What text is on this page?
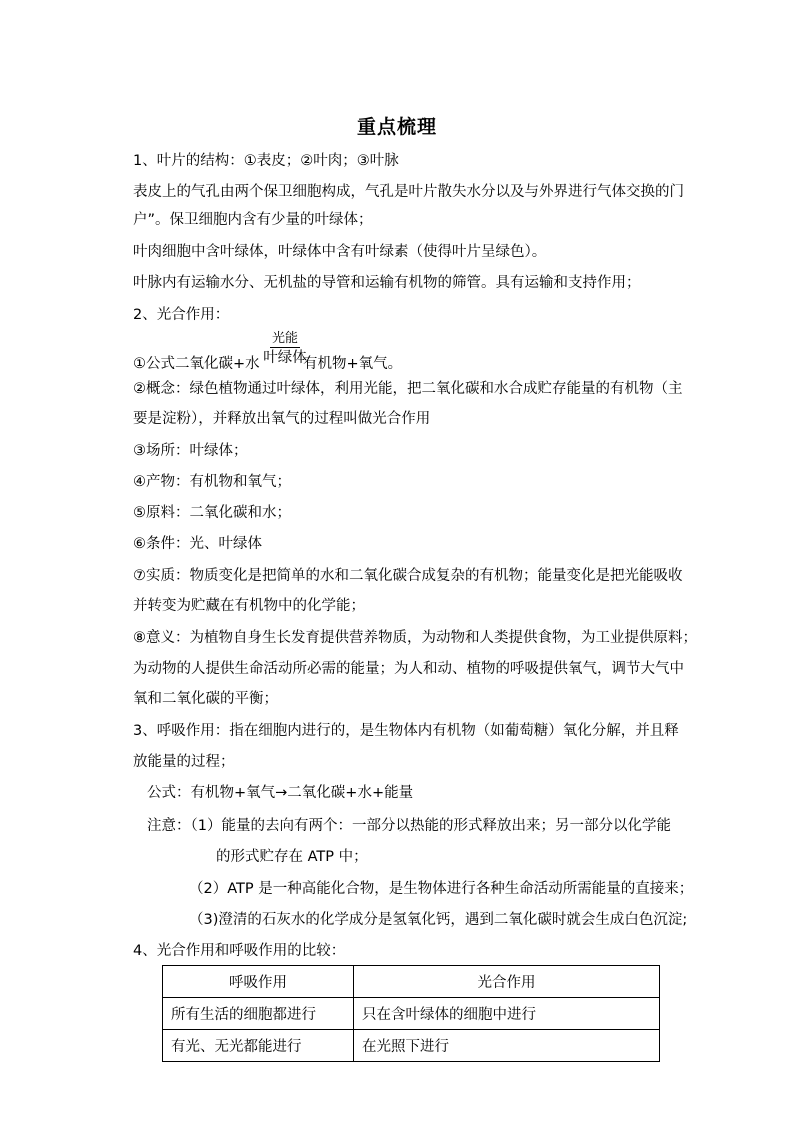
重点梳理
1、叶片的结构：①表皮；②叶肉；③叶脉
表皮上的气孔由两个保卫细胞构成，气孔是叶片散失水分以及与外界进行气体交换的门
户”。保卫细胞内含有少量的叶绿体；
叶肉细胞中含叶绿体，叶绿体中含有叶绿素（使得叶片呈绿色）。
叶脉内有运输水分、无机盐的导管和运输有机物的筛管。具有运输和支持作用；
2、光合作用：
①公式二氧化碳+水
光能
叶绿体
有机物+氧气。
②概念：绿色植物通过叶绿体，利用光能，把二氧化碳和水合成贮存能量的有机物（主
要是淀粉），并释放出氧气的过程叫做光合作用
③场所：叶绿体；
④产物：有机物和氧气；
⑤原料：二氧化碳和水；
⑥条件：光、叶绿体
⑦实质：物质变化是把简单的水和二氧化碳合成复杂的有机物；能量变化是把光能吸收
并转变为贮藏在有机物中的化学能；
⑧意义：为植物自身生长发育提供营养物质，为动物和人类提供食物，为工业提供原料；
为动物的人提供生命活动所必需的能量；为人和动、植物的呼吸提供氧气，调节大气中
氧和二氧化碳的平衡；
3、呼吸作用：指在细胞内进行的，是生物体内有机物（如葡萄糖）氧化分解，并且释
放能量的过程；
公式：有机物+氧气→二氧化碳+水+能量
注意：（1）能量的去向有两个：一部分以热能的形式释放出来；另一部分以化学能
的形式贮存在 ATP 中；
（2）ATP 是一种高能化合物，是生物体进行各种生命活动所需能量的直接来；
（3)澄清的石灰水的化学成分是氢氧化钙，遇到二氧化碳时就会生成白色沉淀;
4、光合作用和呼吸作用的比较：
呼吸作用	光合作用
所有生活的细胞都进行	只在含叶绿体的细胞中进行
有光、无光都能进行	在光照下进行
